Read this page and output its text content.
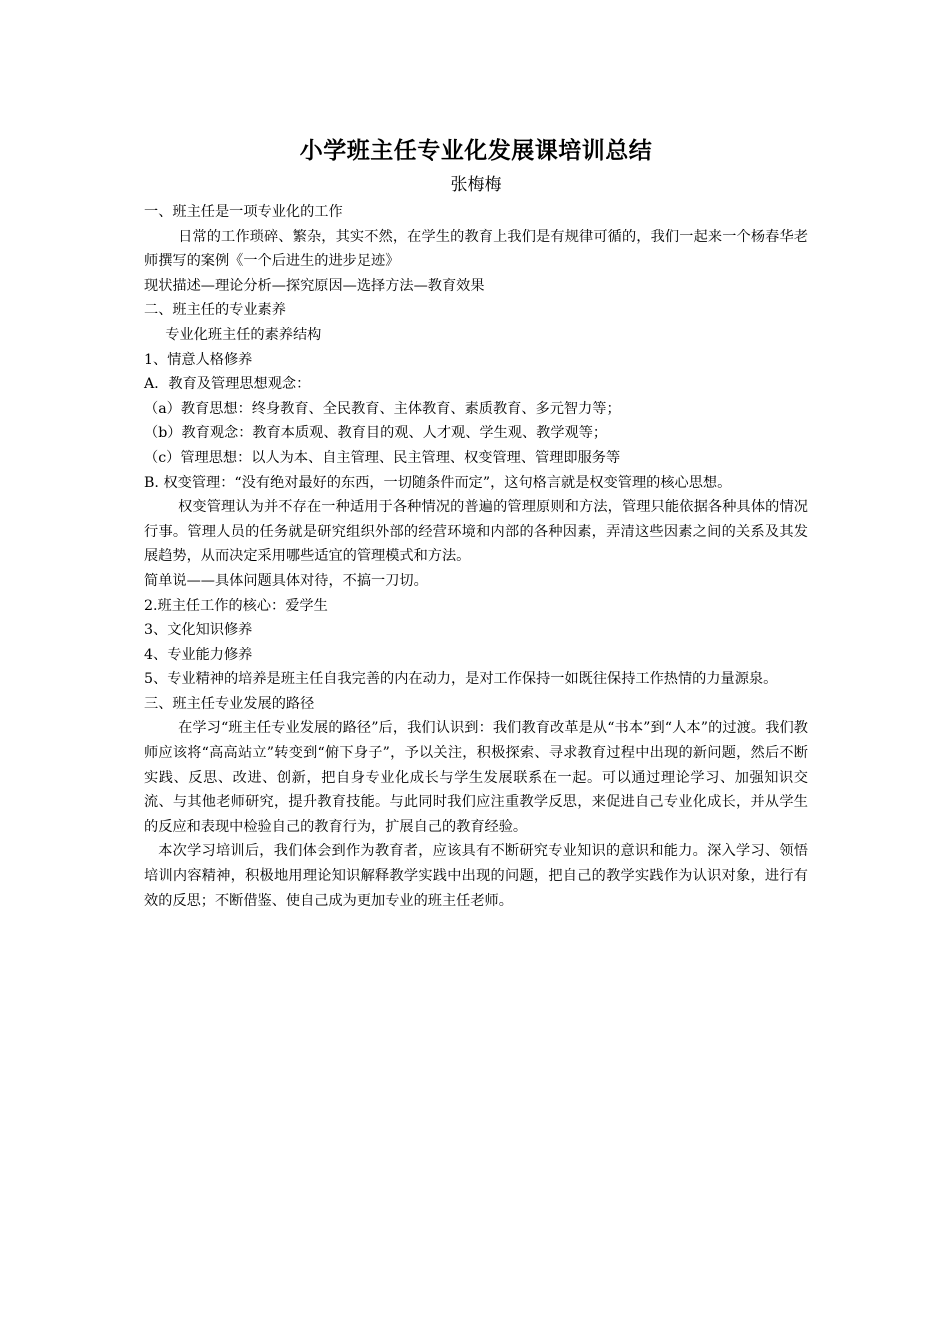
小学班主任专业化发展课培训总结
张梅梅

一、班主任是一项专业化的工作

日常的工作琐碎、繁杂，其实不然，在学生的教育上我们是有规律可循的，我们一起来一个杨春华老师撰写的案例《一个后进生的进步足迹》

现状描述—理论分析—探究原因—选择方法—教育效果

二、班主任的专业素养

专业化班主任的素养结构

1、情意人格修养

A．教育及管理思想观念：

（a）教育思想：终身教育、全民教育、主体教育、素质教育、多元智力等；

（b）教育观念：教育本质观、教育目的观、人才观、学生观、教学观等；

（c）管理思想：以人为本、自主管理、民主管理、权变管理、管理即服务等

B. 权变管理：“没有绝对最好的东西，一切随条件而定”，这句格言就是权变管理的核心思想。

权变管理认为并不存在一种适用于各种情况的普遍的管理原则和方法，管理只能依据各种具体的情况行事。管理人员的任务就是研究组织外部的经营环境和内部的各种因素，弄清这些因素之间的关系及其发展趋势，从而决定采用哪些适宜的管理模式和方法。

简单说——具体问题具体对待，不搞一刀切。

2.班主任工作的核心：爱学生

3、文化知识修养

4、专业能力修养

5、专业精神的培养是班主任自我完善的内在动力，是对工作保持一如既往保持工作热情的力量源泉。

三、班主任专业发展的路径

在学习“班主任专业发展的路径”后，我们认识到：我们教育改革是从“书本”到“人本”的过渡。我们教师应该将“高高站立”转变到“俯下身子”，予以关注，积极探索、寻求教育过程中出现的新问题，然后不断实践、反思、改进、创新，把自身专业化成长与学生发展联系在一起。可以通过理论学习、加强知识交流、与其他老师研究，提升教育技能。与此同时我们应注重教学反思，来促进自己专业化成长，并从学生的反应和表现中检验自己的教育行为，扩展自己的教育经验。

本次学习培训后，我们体会到作为教育者，应该具有不断研究专业知识的意识和能力。深入学习、领悟培训内容精神，积极地用理论知识解释教学实践中出现的问题，把自己的教学实践作为认识对象，进行有效的反思；不断借鉴、使自己成为更加专业的班主任老师。
